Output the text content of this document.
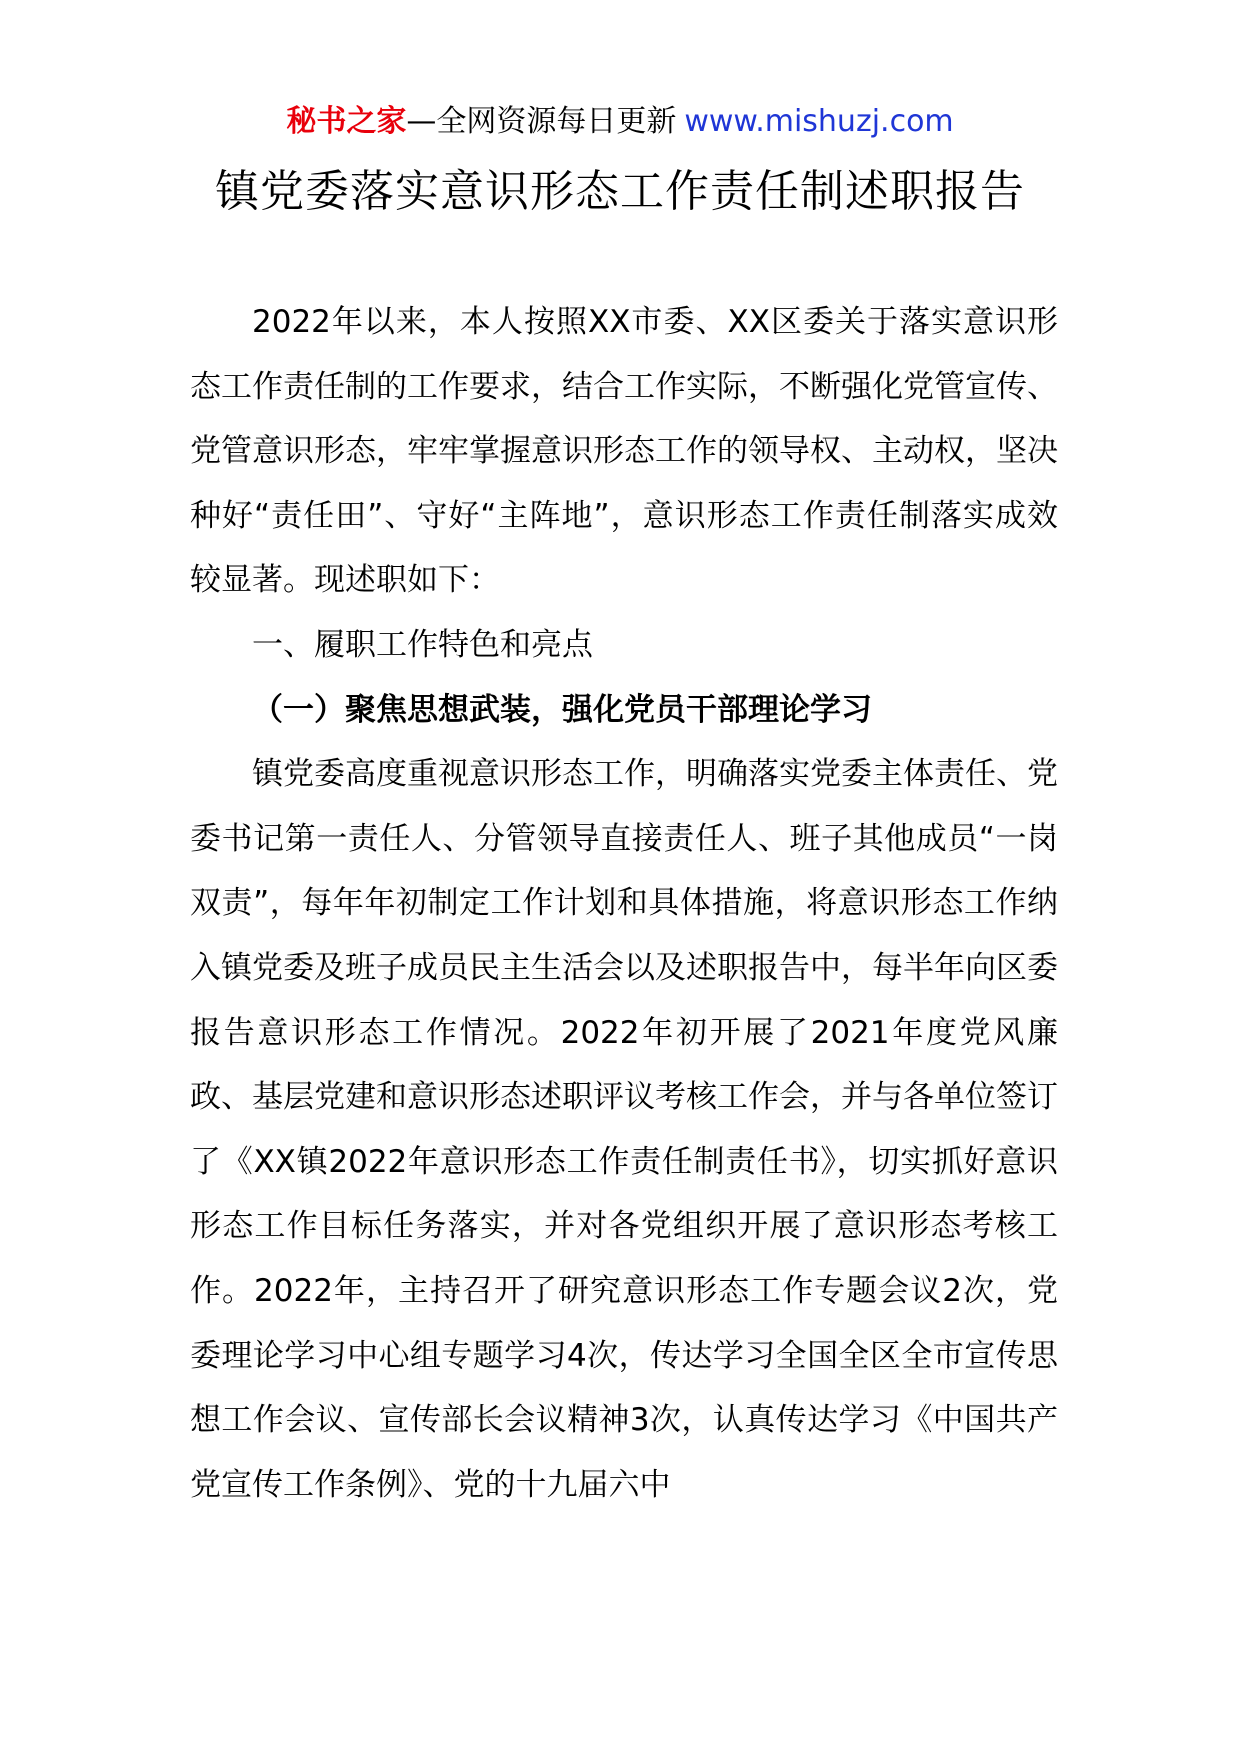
秘书之家—全网资源每日更新 www.mishuzj.com
镇党委落实意识形态工作责任制述职报告

2022年以来，本人按照XX市委、XX区委关于落实意识形态工作责任制的工作要求，结合工作实际，不断强化党管宣传、党管意识形态，牢牢掌握意识形态工作的领导权、主动权，坚决种好“责任田”、守好“主阵地”，意识形态工作责任制落实成效较显著。现述职如下：

一、履职工作特色和亮点

（一）聚焦思想武装，强化党员干部理论学习

镇党委高度重视意识形态工作，明确落实党委主体责任、党委书记第一责任人、分管领导直接责任人、班子其他成员“一岗双责”，每年年初制定工作计划和具体措施，将意识形态工作纳入镇党委及班子成员民主生活会以及述职报告中，每半年向区委报告意识形态工作情况。2022年初开展了2021年度党风廉政、基层党建和意识形态述职评议考核工作会，并与各单位签订了《XX镇2022年意识形态工作责任制责任书》，切实抓好意识形态工作目标任务落实，并对各党组织开展了意识形态考核工作。2022年，主持召开了研究意识形态工作专题会议2次，党委理论学习中心组专题学习4次，传达学习全国全区全市宣传思想工作会议、宣传部长会议精神3次，认真传达学习《中国共产党宣传工作条例》、党的十九届六中
